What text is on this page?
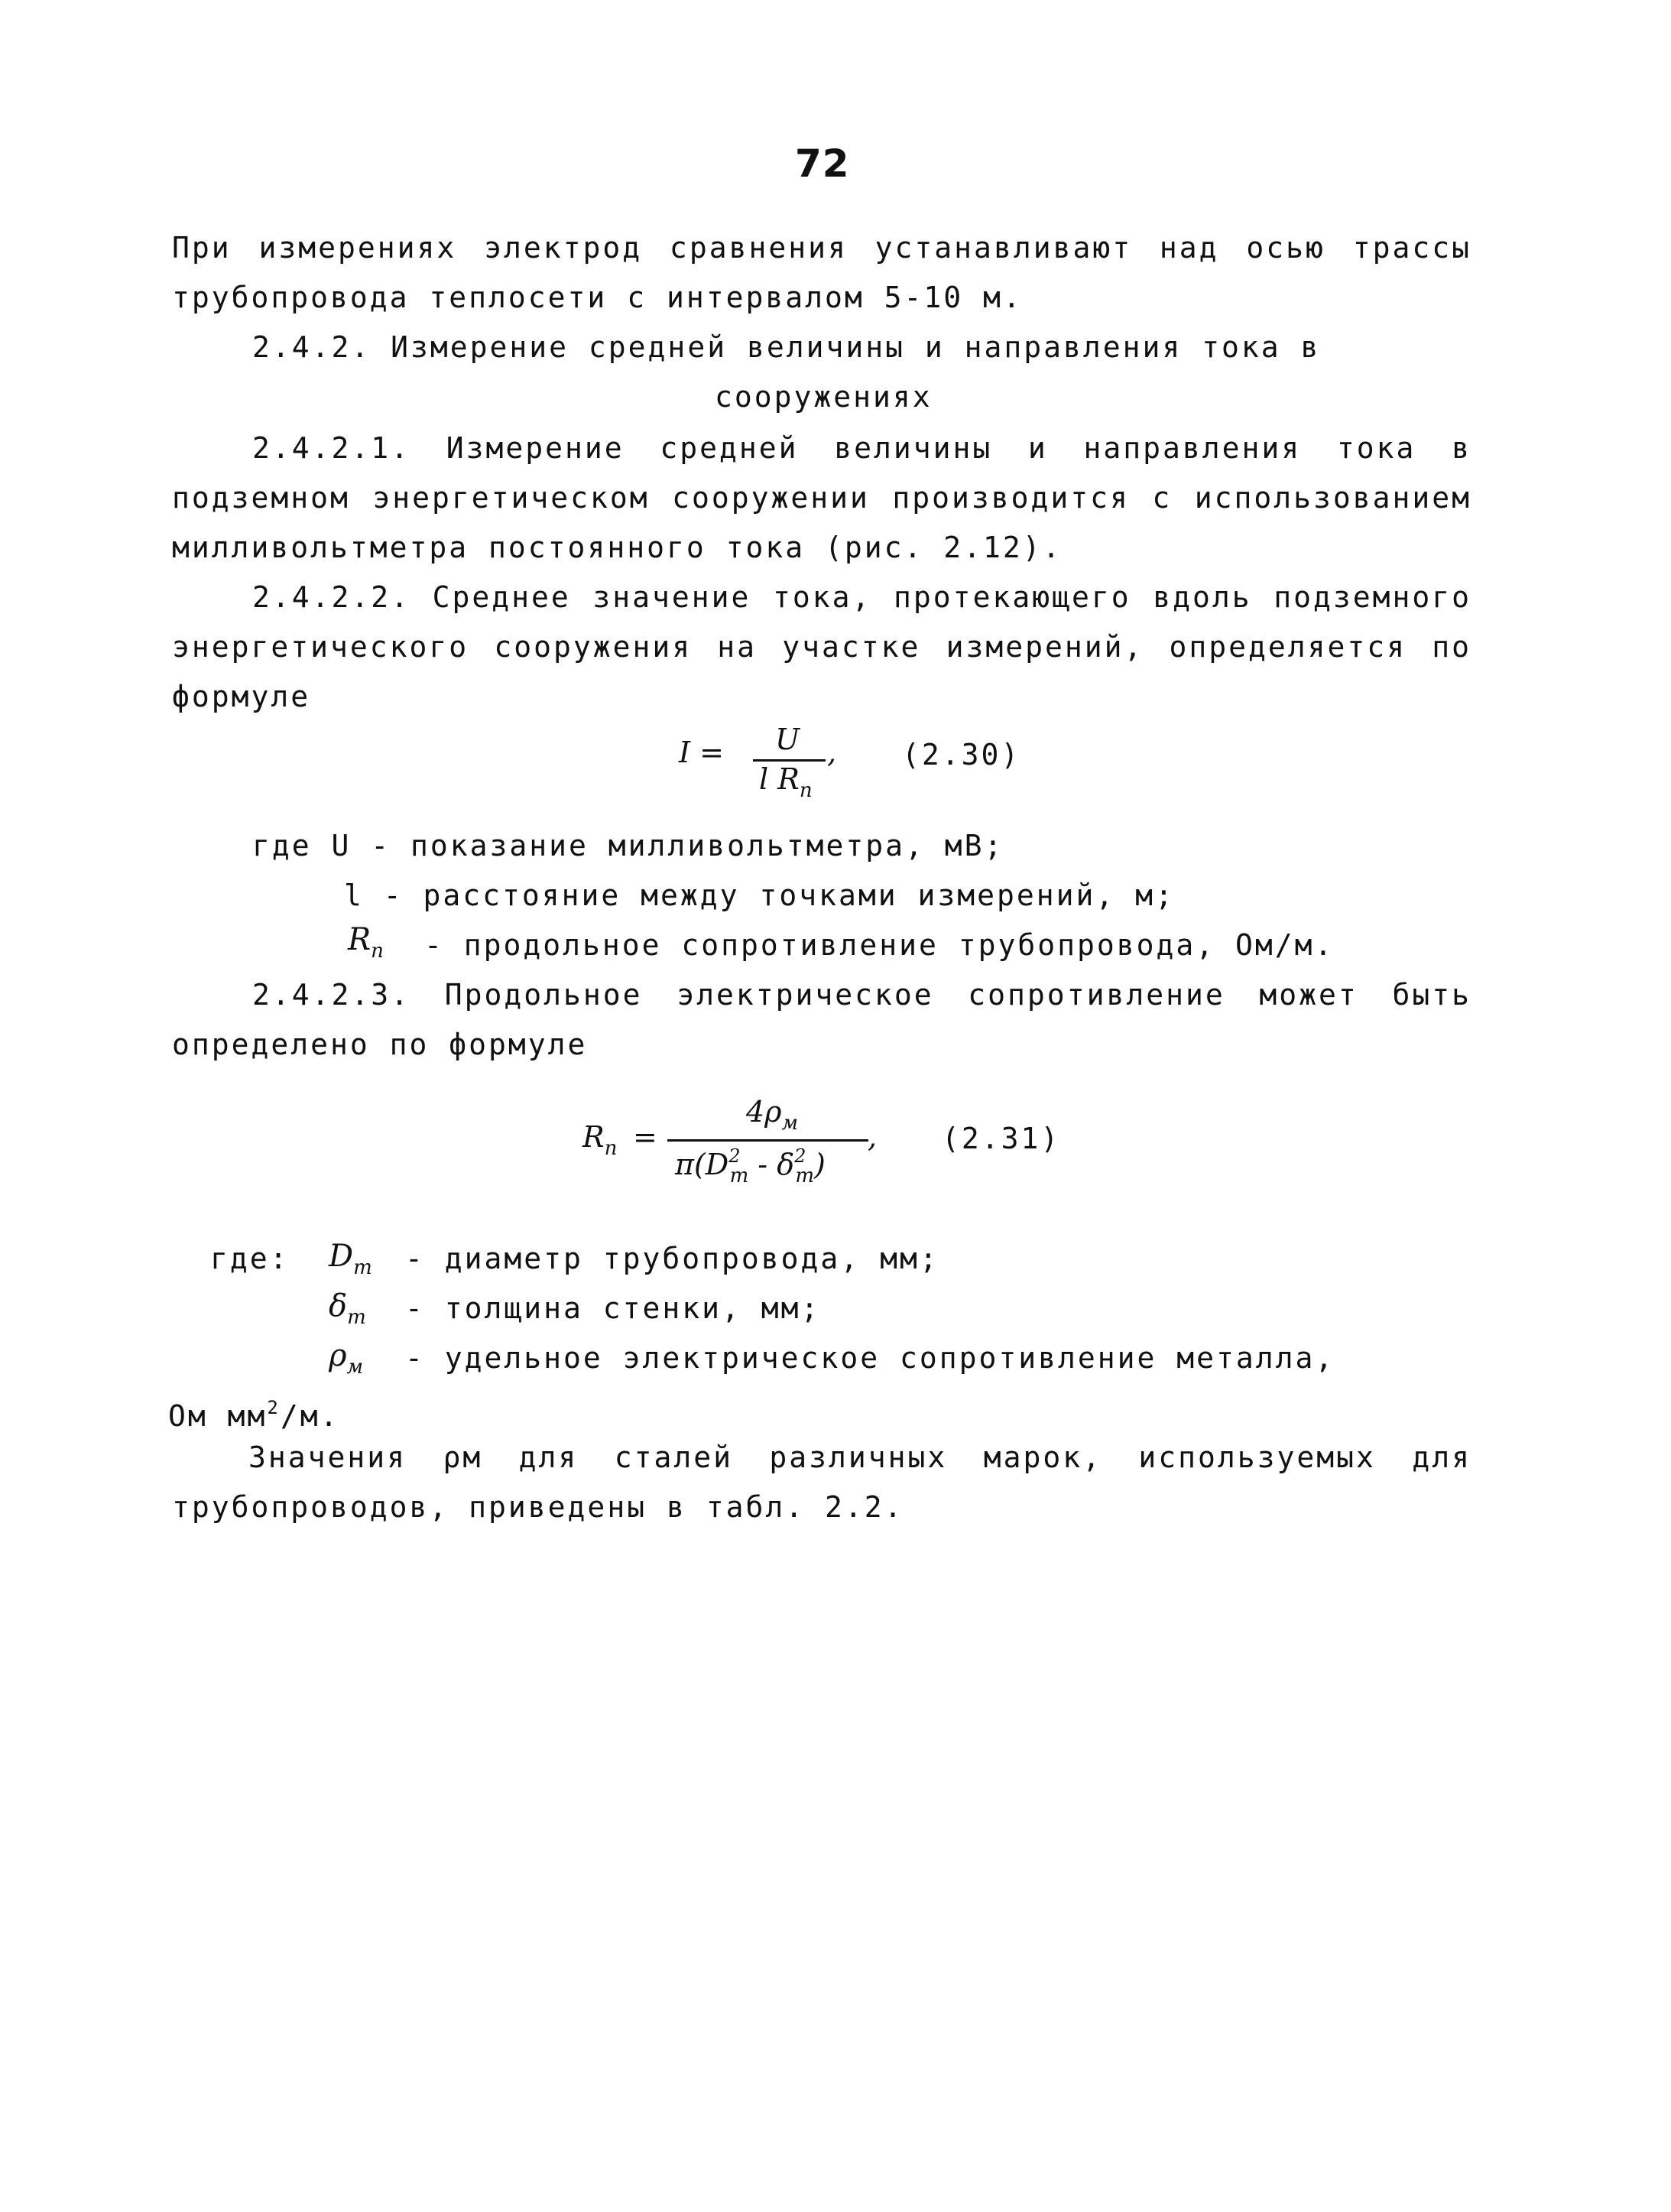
72
При измерениях электрод сравнения устанавливают над осью трассы
трубопровода теплосети с интервалом 5-10 м.
2.4.2. Измерение средней величины и направления тока в
сооружениях
2.4.2.1. Измерение средней величины и направления тока в
подземном энергетическом сооружении производится с использованием
милливольтметра постоянного тока (рис. 2.12).
2.4.2.2. Среднее значение тока, протекающего вдоль подземного
энергетического сооружения на участке измерений, определяется по
формуле
I =	U
l $R_п$
, (2.30)
где U - показание милливольтметра, мВ;
l - расстояние между точками измерений, м;
$R_п$ - продольное сопротивление трубопровода, Ом/м.
2.4.2.3. Продольное электрическое сопротивление может быть
определено по формуле
$R_п$ =
$4\rho_м$
$\pi(D^2_т - \delta^2_т)$
, (2.31)
где: $D_т$ - диаметр трубопровода, мм;
$\delta_т$ - толщина стенки, мм;
$\rho_м$ - удельное электрическое сопротивление металла,
Ом $мм^2/м$.
Значения ρм для сталей различных марок, используемых для
трубопроводов, приведены в табл. 2.2.
